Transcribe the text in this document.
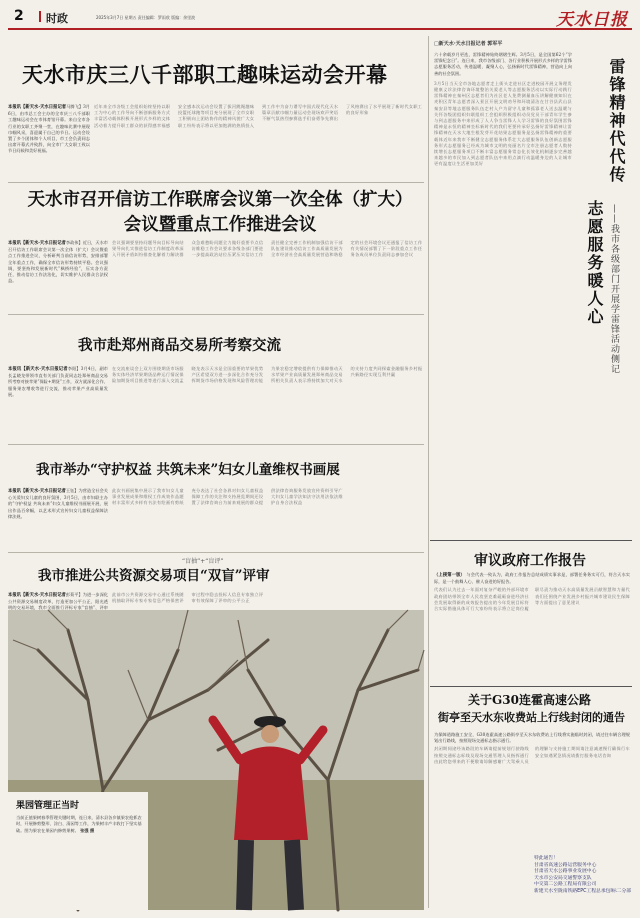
2 时政	2025年3月7日 星期五 责任编辑：罗雨欣 版编：余里波	天水日报
天水市庆三八千部职工趣味运动会开幕
本报讯【新天水·天水日报记者马腾飞】3月6日，由市总工会主办的全市庆三八千部职工趣味运动会在市体育馆开幕。来自全市各行业的女职工齐聚一堂，在趣味比赛中展现巾帼风采，喜迎属于自己的节日。运动会设置了多个团体和个人项目，市工会负责同志出席开幕式并致辞，向全市广大女职工致以节日问候和美好祝福。
近年来全市各级工会组织始终坚持以职工为中心的工作导向不断创新服务方式丰富活动载体积极开展形式多样的文体活动着力提升职工群众的获得感幸福感安全感本次运动会设置了拔河跳绳趣味投篮托球跑等项目充分展现了全市女职工积极向上团结协作的精神风貌广大女职工纷纷表示将以更加饱满的热情投入到工作中为奋力谱写中国式现代化天水篇章贡献巾帼力量运动会现场欢声笑语不断气氛热烈参赛选手们奋勇争先赛出了风格赛出了水平展现了新时代女职工的良好形象
天水市召开信访工作联席会议第一次全体（扩大）会议暨重点工作推进会议
本报讯【新天水·天水日报记者李政伟】近日，天水市召开信访工作联席会议第一次全体（扩大）会议暨重点工作推进会议，分析研判当前信访形势，安排部署全年重点工作，确保全市信访形势持续平稳。会议强调，要坚持和发展新时代“枫桥经验”，压实各方责任，推动信访工作法治化，切实维护人民群众合法权益。
会议强调要坚持问题导向目标导向结果导向扎实推进信访工作制度改革深入开展矛盾纠纷排查化解着力解决群众急难愁盼问题全力做好重要节点信访维稳工作会议要求各级各部门要进一步提高政治站位压紧压实信访工作责任健全完善工作机制加强信访干部队伍建设推动信访工作高质量发展为全市经济社会高质量发展营造和谐稳定的社会环境会议还通报了信访工作有关情况部署了下一阶段重点工作任务各成员单位负责同志参加会议
我市赴郑州商品交易所考察交流
本报讯【新天水·天水日报记者李阳】3月4日，副市长孟晓龙带领市直有关部门负责同志赴郑州商品交易所考察对接苹果“保险+期货”工作，双方就深化合作、服务果农增收等进行交流，推动苹果产业高质量发展。
在交流座谈会上双方围绕期货市场服务实体经济苹果期货品种运行情况保险加期货项目推进等进行深入交流孟晓龙表示天水是全国重要的苹果优势产区希望双方进一步深化合作充分发挥期货市场价格发现和风险管理功能为果农稳定增收提供有力保障推动天水苹果产业高质量发展郑州商品交易所相关负责人表示将持续加大对天水的支持力度共同探索金融服务乡村振兴新路径实现互利共赢
我市举办“守护权益 共筑未来”妇女儿童维权书画展
本报讯【新天水·天水日报记者王钰】为营造全社会关心关爱妇女儿童的良好氛围，3月5日，由市妇联主办的“守护权益 共筑未来”妇女儿童维权书画展开展，展出作品百余幅，以艺术形式宣传妇女儿童权益保障法律法规。
此次书画展集中展示了我市妇女儿童事业发展成果和维权工作成效作品题材丰富形式多样有书法有绘画有剪纸充分表达了社会各界对妇女儿童权益保障工作的关注和支持展览期间还设置了法律咨询台为前来观展的群众提供法律咨询服务发放宣传资料引导广大妇女儿童学法知法守法用法依法维护自身合法权益
“盲抽”+“盲评”
我市推进公共资源交易项目“双盲”评审
本报讯【新天水·天水日报记者彭菊平】为进一步深化公共资源交易制度改革，打造更加公平公正、阳光透明的交易环境，我市全面推行评标专家“盲抽”、评审
此前市公共资源交易中心通过系统随机抽取评标专家专家信息严格保密评审过程中隐去投标人信息专家独立评审有效保障了评审的公平公正
果园管理正当时
当前正值果树春季管理关键时期，连日来，清水县各乡镇果农抢抓农时，开展修剪整形、涂白、清园等工作，为果树丰产丰收打下坚实基础。图为果农在果园内修剪果树。 张强 摄
□新天水·天水日报记者 郭军平
六十余载岁月更迭，雷锋精神始终熠熠生辉。3月5日，是全国第62个“学雷锋纪念日”。连日来，我市各级部门、各行业积极开展形式多样的学雷锋志愿服务活动，传递温暖、凝聚人心，弘扬新时代雷锋精神，营造向上向善的社会氛围。
3月5日当天全市各地志愿者走上街头走进社区走进校园开展义务理发健康义诊法律咨询环境整治关爱老人等志愿服务活动以实际行动践行雷锋精神在秦州区志愿者们为社区老人免费测量血压讲解健康知识在麦积区青年志愿者深入景区开展文明劝导和环境清洁在甘谷县武山县秦安县等地志愿服务队伍走村入户为留守儿童和孤寡老人送去温暖与关怀各级团组织妇联组织工会组织积极组织动员党员干部青年学生参与到志愿服务中来形成了人人争当雷锋人人学习雷锋的良好氛围雷锋精神是永恒的精神坐标新时代的我们更要传承好弘扬好雷锋精神让雷锋精神在天水大地生根发芽开花结果志愿服务是弘扬雷锋精神的重要载体近年来我市不断健全志愿服务体系壮大志愿服务队伍创新志愿服务形式志愿服务已经成为城市文明的亮丽名片全市注册志愿者人数持续增长志愿服务项目不断丰富志愿服务常态化长效化机制逐步完善越来越多的市民加入到志愿者队伍中来用点滴行动温暖身边的人让城市更有温度让生活更加美好	雷锋精神代代传
志愿服务暖人心 ——我市各级部门开展学雷锋活动侧记
审议政府工作报告
（上接第一版） 与会代表一致认为，政府工作报告总结成绩实事求是，部署任务务实可行，符合天水实际，是一个鼓舞人心、催人奋进的好报告。
代表们认为过去一年面对复杂严峻的外部环境市政府团结带领全市人民攻坚克难砥砺奋进经济社会发展取得新的成效报告提出的今年发展目标符合实际措施具体可行大家纷纷表示将立足岗位履职尽责为推动天水高质量发展贡献智慧和力量代表们还围绕产业发展乡村振兴城市建设民生保障等方面提出了意见建议
关于G30连霍高速公路
街亭至天水东收费站上行线封闭的通告
为保障道路施工安全，G30连霍高速公路街亭至天水东收费站上行线将实施临时封闭，请过往车辆合理规划出行路线，按照现场交通标志指示通行。
封闭期间途经该路段的车辆请提前规划行驶路线按照交通标志标线及现场交通管理人员指挥通行由此给您带来的不便敬请谅解感谢广大驾乘人员的理解与支持施工期间请注意减速慢行确保行车安全如遇紧急情况请拨打服务电话咨询
特此通告！
甘肃省高速公路运营服务中心
甘肃省天水公路事业发展中心
天水市公安局交通警察支队
中交第二公路工程局有限公司
新建天水至陇南铁路EPC工程总承包Ⅰ标二分部
